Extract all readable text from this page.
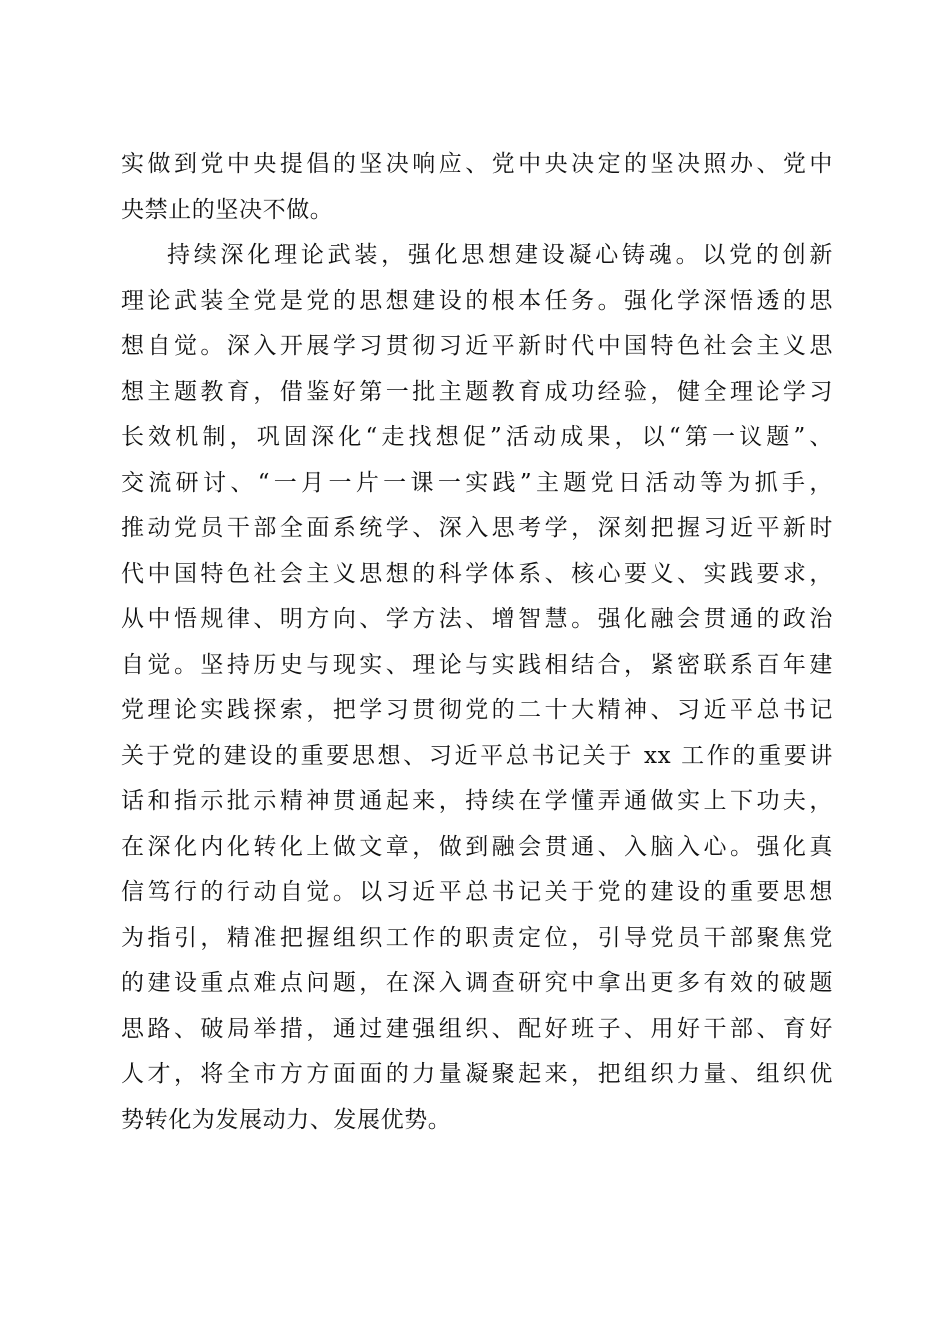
实做到党中央提倡的坚决响应、党中央决定的坚决照办、党中
央禁止的坚决不做。
持续深化理论武装，强化思想建设凝心铸魂。以党的创新
理论武装全党是党的思想建设的根本任务。强化学深悟透的思
想自觉。深入开展学习贯彻习近平新时代中国特色社会主义思
想主题教育，借鉴好第一批主题教育成功经验，健全理论学习
长效机制，巩固深化“走找想促”活动成果，以“第一议题”、
交流研讨、“一月一片一课一实践”主题党日活动等为抓手，
推动党员干部全面系统学、深入思考学，深刻把握习近平新时
代中国特色社会主义思想的科学体系、核心要义、实践要求，
从中悟规律、明方向、学方法、增智慧。强化融会贯通的政治
自觉。坚持历史与现实、理论与实践相结合，紧密联系百年建
党理论实践探索，把学习贯彻党的二十大精神、习近平总书记
关于党的建设的重要思想、习近平总书记关于 xx 工作的重要讲
话和指示批示精神贯通起来，持续在学懂弄通做实上下功夫，
在深化内化转化上做文章，做到融会贯通、入脑入心。强化真
信笃行的行动自觉。以习近平总书记关于党的建设的重要思想
为指引，精准把握组织工作的职责定位，引导党员干部聚焦党
的建设重点难点问题，在深入调查研究中拿出更多有效的破题
思路、破局举措，通过建强组织、配好班子、用好干部、育好
人才，将全市方方面面的力量凝聚起来，把组织力量、组织优
势转化为发展动力、发展优势。
